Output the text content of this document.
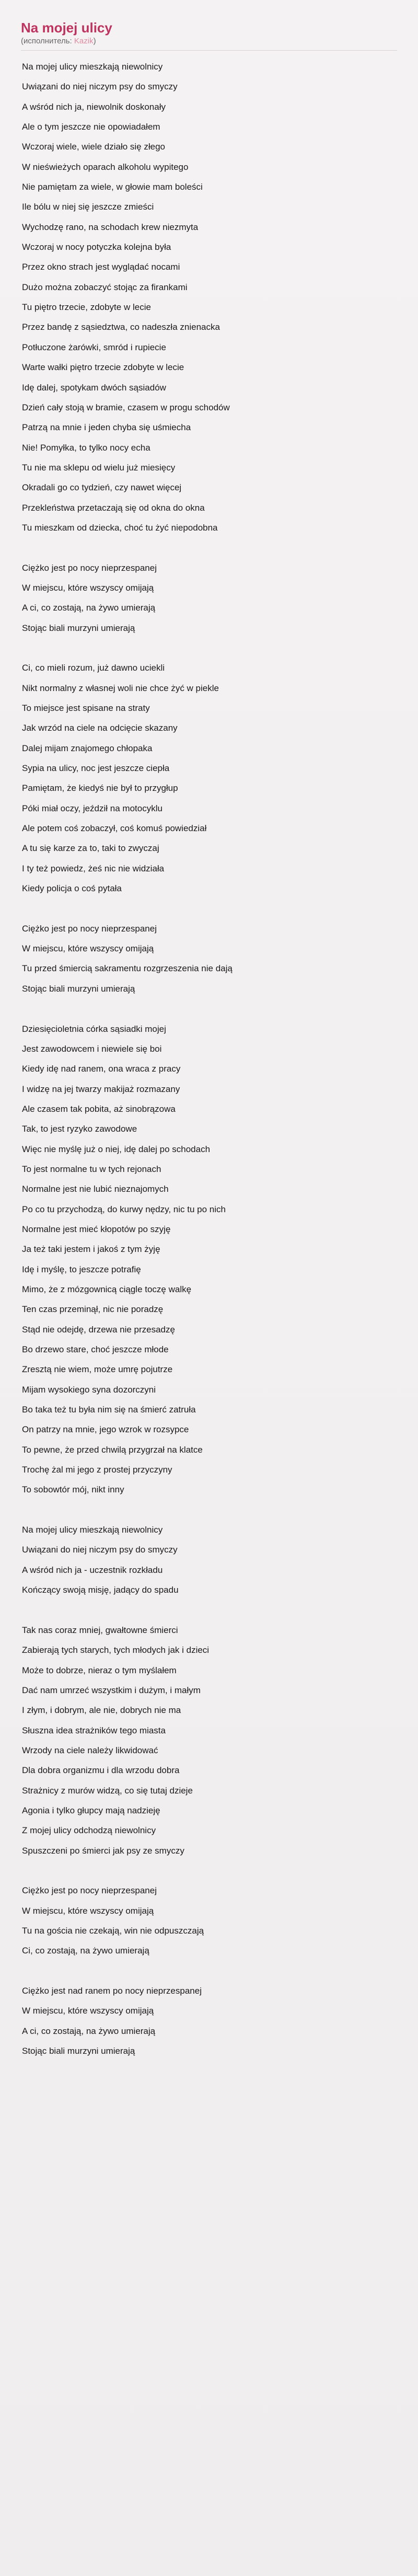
Na mojej ulicy
(исполнитель: Kazik)
Na mojej ulicy mieszkają niewolnicy
Uwiązani do niej niczym psy do smyczy
A wśród nich ja, niewolnik doskonały
Ale o tym jeszcze nie opowiadałem
Wczoraj wiele, wiele działo się złego
W nieświeżych oparach alkoholu wypitego
Nie pamiętam za wiele, w głowie mam boleści
Ile bólu w niej się jeszcze zmieści
Wychodzę rano, na schodach krew niezmyta
Wczoraj w nocy potyczka kolejna była
Przez okno strach jest wyglądać nocami
Dużo można zobaczyć stojąc za firankami
Tu piętro trzecie, zdobyte w lecie
Przez bandę z sąsiedztwa, co nadeszła znienacka
Potłuczone żarówki, smród i rupiecie
Warte wałki piętro trzecie zdobyte w lecie
Idę dalej, spotykam dwóch sąsiadów
Dzień cały stoją w bramie, czasem w progu schodów
Patrzą na mnie i jeden chyba się uśmiecha
Nie! Pomyłka, to tylko nocy echa
Tu nie ma sklepu od wielu już miesięcy
Okradali go co tydzień, czy nawet więcej
Przekleństwa przetaczają się od okna do okna
Tu mieszkam od dziecka, choć tu żyć niepodobna
Ciężko jest po nocy nieprzespanej
W miejscu, które wszyscy omijają
A ci, co zostają, na żywo umierają
Stojąc biali murzyni umierają
Ci, co mieli rozum, już dawno uciekli
Nikt normalny z własnej woli nie chce żyć w piekle
To miejsce jest spisane na straty
Jak wrzód na ciele na odcięcie skazany
Dalej mijam znajomego chłopaka
Sypia na ulicy, noc jest jeszcze ciepła
Pamiętam, że kiedyś nie był to przygłup
Póki miał oczy, jeździł na motocyklu
Ale potem coś zobaczył, coś komuś powiedział
A tu się karze za to, taki to zwyczaj
I ty też powiedz, żeś nic nie widziała
Kiedy policja o coś pytała
Ciężko jest po nocy nieprzespanej
W miejscu, które wszyscy omijają
Tu przed śmiercią sakramentu rozgrzeszenia nie dają
Stojąc biali murzyni umierają
Dziesięcioletnia córka sąsiadki mojej
Jest zawodowcem i niewiele się boi
Kiedy idę nad ranem, ona wraca z pracy
I widzę na jej twarzy makijaż rozmazany
Ale czasem tak pobita, aż sinobrązowa
Tak, to jest ryzyko zawodowe
Więc nie myślę już o niej, idę dalej po schodach
To jest normalne tu w tych rejonach
Normalne jest nie lubić nieznajomych
Po co tu przychodzą, do kurwy nędzy, nic tu po nich
Normalne jest mieć kłopotów po szyję
Ja też taki jestem i jakoś z tym żyję
Idę i myślę, to jeszcze potrafię
Mimo, że z mózgownicą ciągle toczę walkę
Ten czas przeminął, nic nie poradzę
Stąd nie odejdę, drzewa nie przesadzę
Bo drzewo stare, choć jeszcze młode
Zresztą nie wiem, może umrę pojutrze
Mijam wysokiego syna dozorczyni
Bo taka też tu była nim się na śmierć zatruła
On patrzy na mnie, jego wzrok w rozsypce
To pewne, że przed chwilą przygrzał na klatce
Trochę żal mi jego z prostej przyczyny
To sobowtór mój, nikt inny
Na mojej ulicy mieszkają niewolnicy
Uwiązani do niej niczym psy do smyczy
A wśród nich ja - uczestnik rozkładu
Kończący swoją misję, jadący do spadu
Tak nas coraz mniej, gwałtowne śmierci
Zabierają tych starych, tych młodych jak i dzieci
Może to dobrze, nieraz o tym myślałem
Dać nam umrzeć wszystkim i dużym, i małym
I złym, i dobrym, ale nie, dobrych nie ma
Słuszna idea strażników tego miasta
Wrzody na ciele należy likwidować
Dla dobra organizmu i dla wrzodu dobra
Strażnicy z murów widzą, co się tutaj dzieje
Agonia i tylko głupcy mają nadzieję
Z mojej ulicy odchodzą niewolnicy
Spuszczeni po śmierci jak psy ze smyczy
Ciężko jest po nocy nieprzespanej
W miejscu, które wszyscy omijają
Tu na gościa nie czekają, win nie odpuszczają
Ci, co zostają, na żywo umierają
Ciężko jest nad ranem po nocy nieprzespanej
W miejscu, które wszyscy omijają
A ci, co zostają, na żywo umierają
Stojąc biali murzyni umierają
